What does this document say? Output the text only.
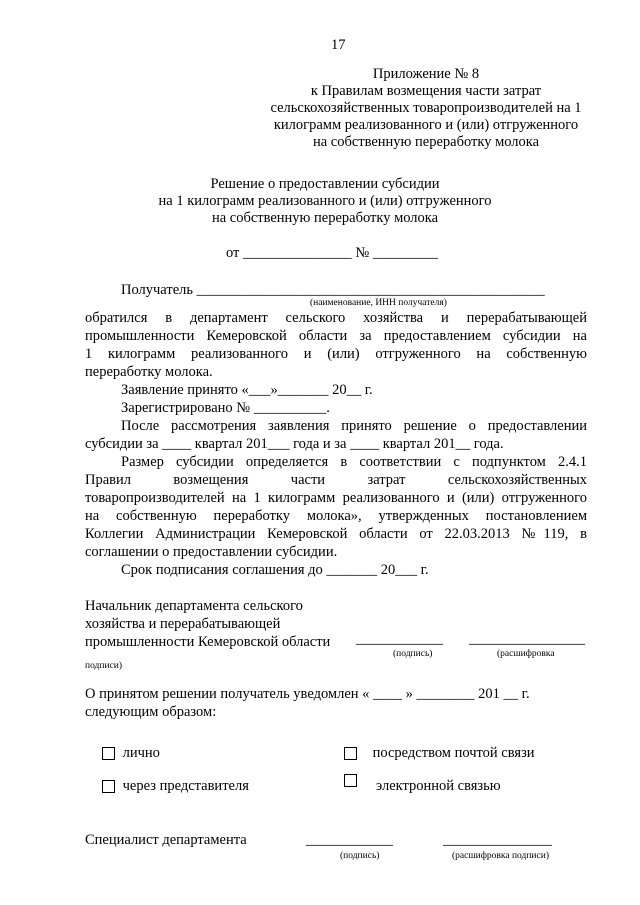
17
Приложение № 8
к Правилам возмещения части затрат
сельскохозяйственных товаропроизводителей на 1
килограмм реализованного и (или) отгруженного
на собственную переработку молока
Решение о предоставлении субсидии
на 1 килограмм реализованного и (или) отгруженного
на собственную переработку молока
от _______________ № _________
Получатель ________________________________________________
(наименование, ИНН получателя)
обратился в департамент сельского хозяйства и перерабатывающей
промышленности Кемеровской области за предоставлением субсидии на
1 килограмм реализованного и (или) отгруженного на собственную
переработку молока.
Заявление принято «___»_______ 20__ г.
Зарегистрировано № __________.
После рассмотрения заявления принято решение о предоставлении
субсидии за ____ квартал 201___ года и за ____ квартал 201__ года.
Размер субсидии определяется в соответствии с подпунктом 2.4.1
Правил возмещения части затрат сельскохозяйственных
товаропроизводителей на 1 килограмм реализованного и (или) отгруженного
на собственную переработку молока», утвержденных постановлением
Коллегии Администрации Кемеровской области от 22.03.2013 №119, в
соглашении о предоставлении субсидии.
Срок подписания соглашения до _______ 20___ г.
Начальник департамента сельского
хозяйства и перерабатывающей
промышленности Кемеровской области ____________ ________________
(подпись)	(расшифровка
подписи)
О принятом решении получатель уведомлен « ____ » ________ 201 __ г.
следующим образом:
лично	посредством почтой связи
через представителя	электронной связью
Специалист департамента	____________	_______________
(подпись)	(расшифровка подписи)
